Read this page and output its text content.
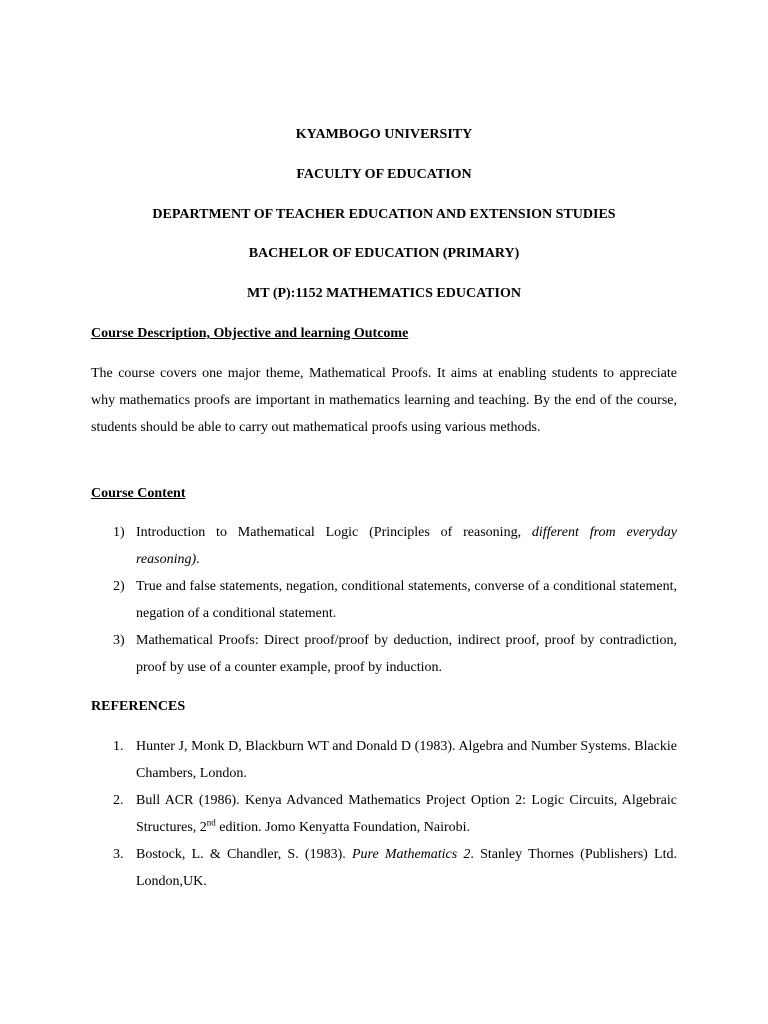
KYAMBOGO UNIVERSITY
FACULTY OF EDUCATION
DEPARTMENT OF TEACHER EDUCATION AND EXTENSION STUDIES
BACHELOR OF EDUCATION (PRIMARY)
MT (P):1152 MATHEMATICS EDUCATION
Course Description, Objective and learning Outcome

The course covers one major theme, Mathematical Proofs. It aims at enabling students to appreciate why mathematics proofs are important in mathematics learning and teaching. By the end of the course, students should be able to carry out mathematical proofs using various methods.

Course Content
1) Introduction to Mathematical Logic (Principles of reasoning, different from everyday reasoning).

2) True and false statements, negation, conditional statements, converse of a conditional statement, negation of a conditional statement.

3) Mathematical Proofs: Direct proof/proof by deduction, indirect proof, proof by contradiction, proof by use of a counter example, proof by induction.

REFERENCES
1. Hunter J, Monk D, Blackburn WT and Donald D (1983). Algebra and Number Systems. Blackie Chambers, London.

2. Bull ACR (1986). Kenya Advanced Mathematics Project Option 2: Logic Circuits, Algebraic Structures, 2nd edition. Jomo Kenyatta Foundation, Nairobi.

3. Bostock, L. & Chandler, S. (1983). Pure Mathematics 2. Stanley Thornes (Publishers) Ltd. London,UK.
